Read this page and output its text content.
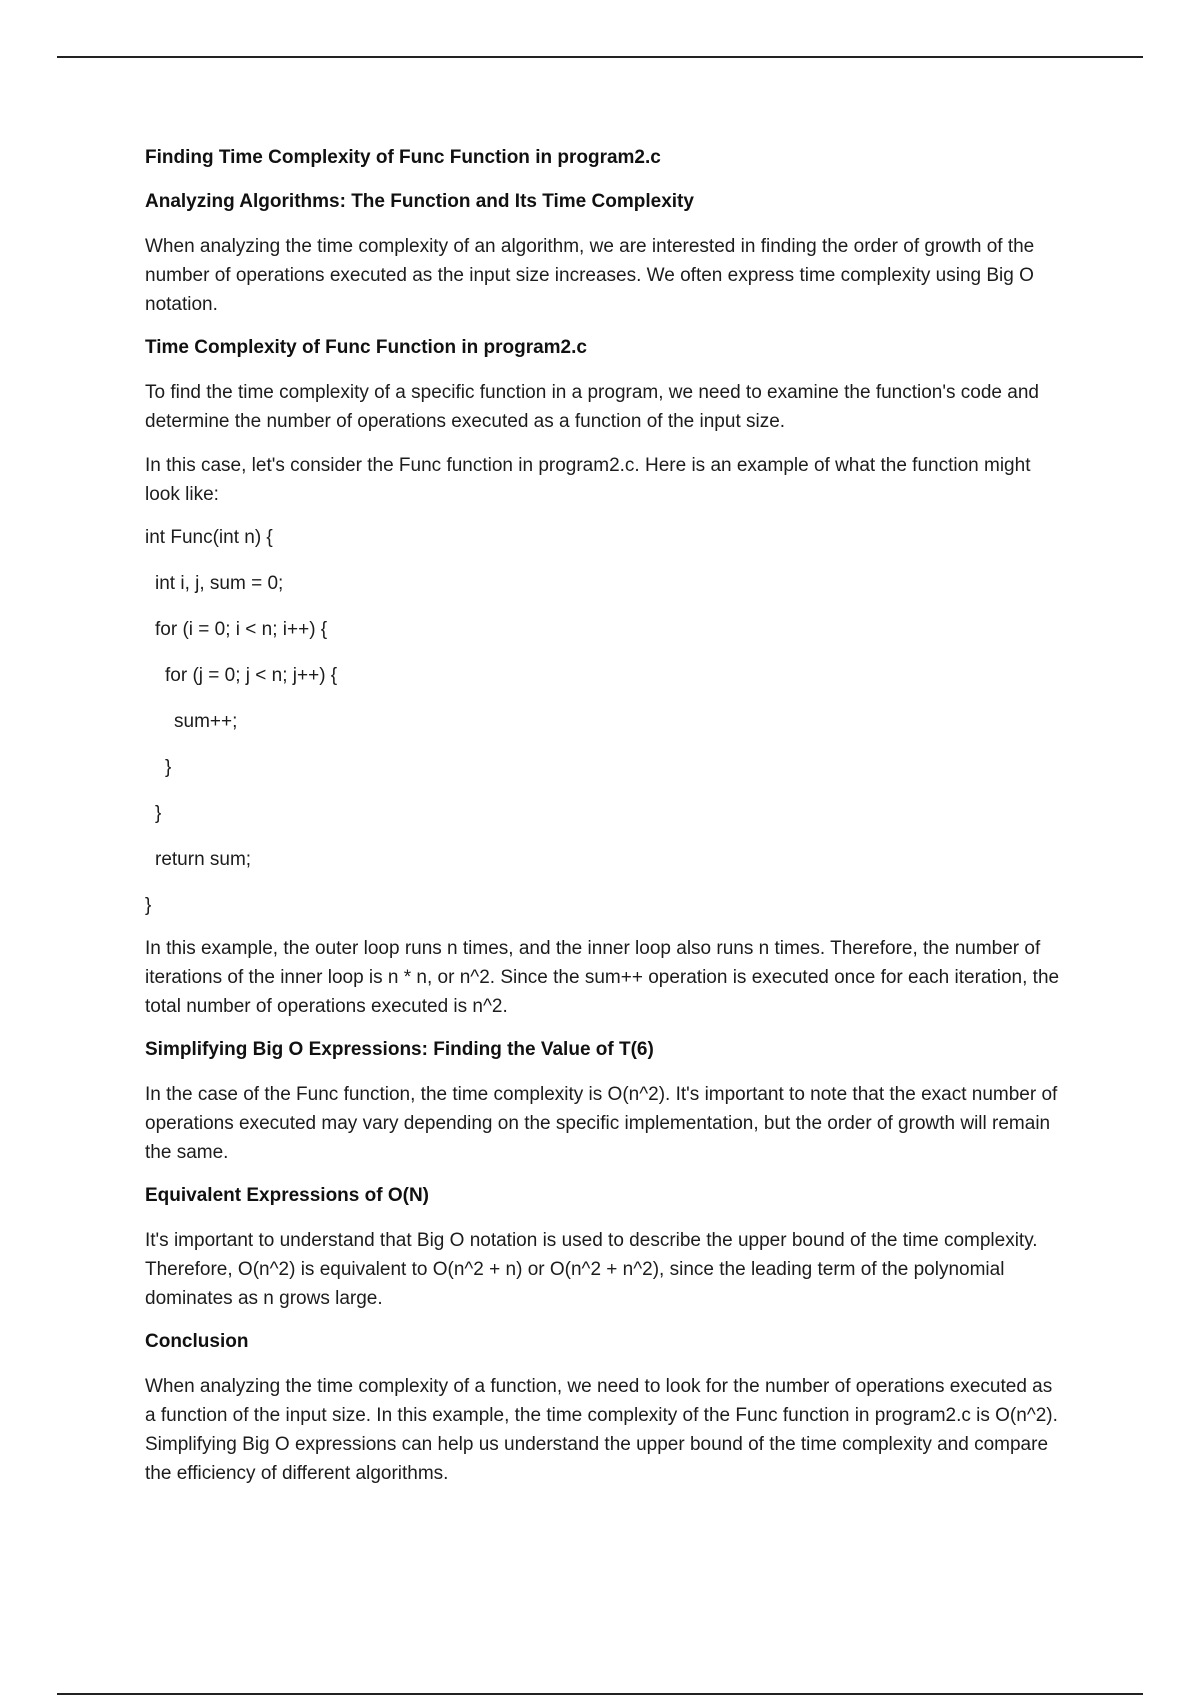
Finding Time Complexity of Func Function in program2.c
Analyzing Algorithms: The Function and Its Time Complexity

When analyzing the time complexity of an algorithm, we are interested in finding the order of growth of the number of operations executed as the input size increases. We often express time complexity using Big O notation.

Time Complexity of Func Function in program2.c

To find the time complexity of a specific function in a program, we need to examine the function's code and determine the number of operations executed as a function of the input size.

In this case, let's consider the Func function in program2.c. Here is an example of what the function might look like:

int Func(int n) {
int i, j, sum = 0;
for (i = 0; i < n; i++) {
for (j = 0; j < n; j++) {
sum++;
}
}
return sum;
}

In this example, the outer loop runs n times, and the inner loop also runs n times. Therefore, the number of iterations of the inner loop is n * n, or n^2. Since the sum++ operation is executed once for each iteration, the total number of operations executed is n^2.

Simplifying Big O Expressions: Finding the Value of T(6)

In the case of the Func function, the time complexity is O(n^2). It's important to note that the exact number of operations executed may vary depending on the specific implementation, but the order of growth will remain the same.

Equivalent Expressions of O(N)

It's important to understand that Big O notation is used to describe the upper bound of the time complexity. Therefore, O(n^2) is equivalent to O(n^2 + n) or O(n^2 + n^2), since the leading term of the polynomial dominates as n grows large.

Conclusion

When analyzing the time complexity of a function, we need to look for the number of operations executed as a function of the input size. In this example, the time complexity of the Func function in program2.c is O(n^2). Simplifying Big O expressions can help us understand the upper bound of the time complexity and compare the efficiency of different algorithms.
